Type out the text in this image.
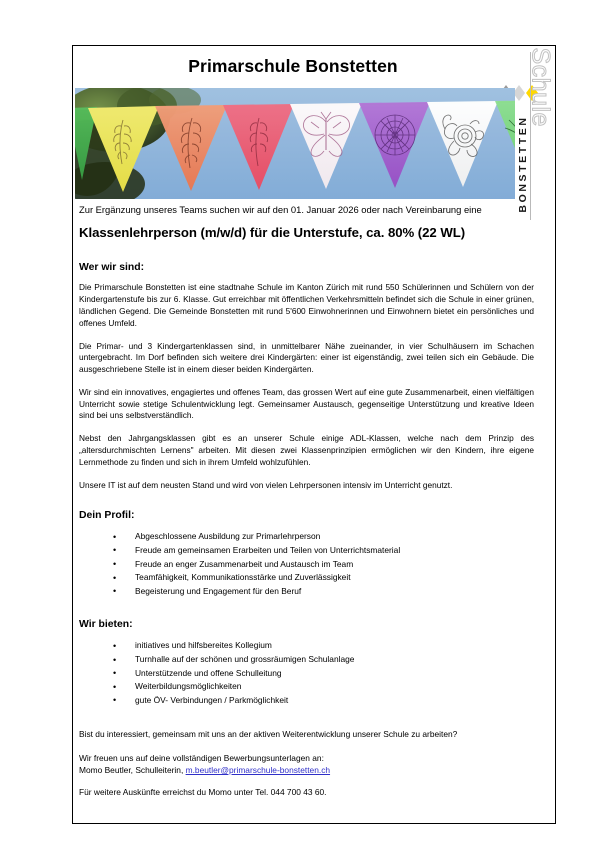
Primarschule Bonstetten	Schule
BONSTETTEN

Zur Ergänzung unseres Teams suchen wir auf den 01. Januar 2026 oder nach Vereinbarung eine

Klassenlehrperson (m/w/d) für die Unterstufe, ca. 80% (22 WL)
Wer wir sind:

Die Primarschule Bonstetten ist eine stadtnahe Schule im Kanton Zürich mit rund 550 Schülerinnen und Schülern von der Kindergartenstufe bis zur 6. Klasse. Gut erreichbar mit öffentlichen Verkehrsmitteln befindet sich die Schule in einer grünen, ländlichen Gegend. Die Gemeinde Bonstetten mit rund 5'600 Einwohnerinnen und Einwohnern bietet ein persönliches und offenes Umfeld.

Die Primar- und 3 Kindergartenklassen sind, in unmittelbarer Nähe zueinander, in vier Schulhäusern im Schachen untergebracht. Im Dorf befinden sich weitere drei Kindergärten: einer ist eigenständig, zwei teilen sich ein Gebäude. Die ausgeschriebene Stelle ist in einem dieser beiden Kindergärten.

Wir sind ein innovatives, engagiertes und offenes Team, das grossen Wert auf eine gute Zusammenarbeit, einen vielfältigen Unterricht sowie stetige Schulentwicklung legt. Gemeinsamer Austausch, gegenseitige Unterstützung und kreative Ideen sind bei uns selbstverständlich.

Nebst den Jahrgangsklassen gibt es an unserer Schule einige ADL-Klassen, welche nach dem Prinzip des „altersdurchmischten Lernens" arbeiten. Mit diesen zwei Klassenprinzipien ermöglichen wir den Kindern, ihre eigene Lernmethode zu finden und sich in ihrem Umfeld wohlzufühlen.

Unsere IT ist auf dem neusten Stand und wird von vielen Lehrpersonen intensiv im Unterricht genutzt.

Dein Profil:
• Abgeschlossene Ausbildung zur Primarlehrperson
• Freude am gemeinsamen Erarbeiten und Teilen von Unterrichtsmaterial
• Freude an enger Zusammenarbeit und Austausch im Team
• Teamfähigkeit, Kommunikationsstärke und Zuverlässigkeit
• Begeisterung und Engagement für den Beruf
Wir bieten:
• initiatives und hilfsbereites Kollegium
• Turnhalle auf der schönen und grossräumigen Schulanlage
• Unterstützende und offene Schulleitung
• Weiterbildungsmöglichkeiten
• gute ÖV- Verbindungen / Parkmöglichkeit

Bist du interessiert, gemeinsam mit uns an der aktiven Weiterentwicklung unserer Schule zu arbeiten?

Wir freuen uns auf deine vollständigen Bewerbungsunterlagen an:
Momo Beutler, Schulleiterin, m.beutler@primarschule-bonstetten.ch

Für weitere Auskünfte erreichst du Momo unter Tel. 044 700 43 60.
